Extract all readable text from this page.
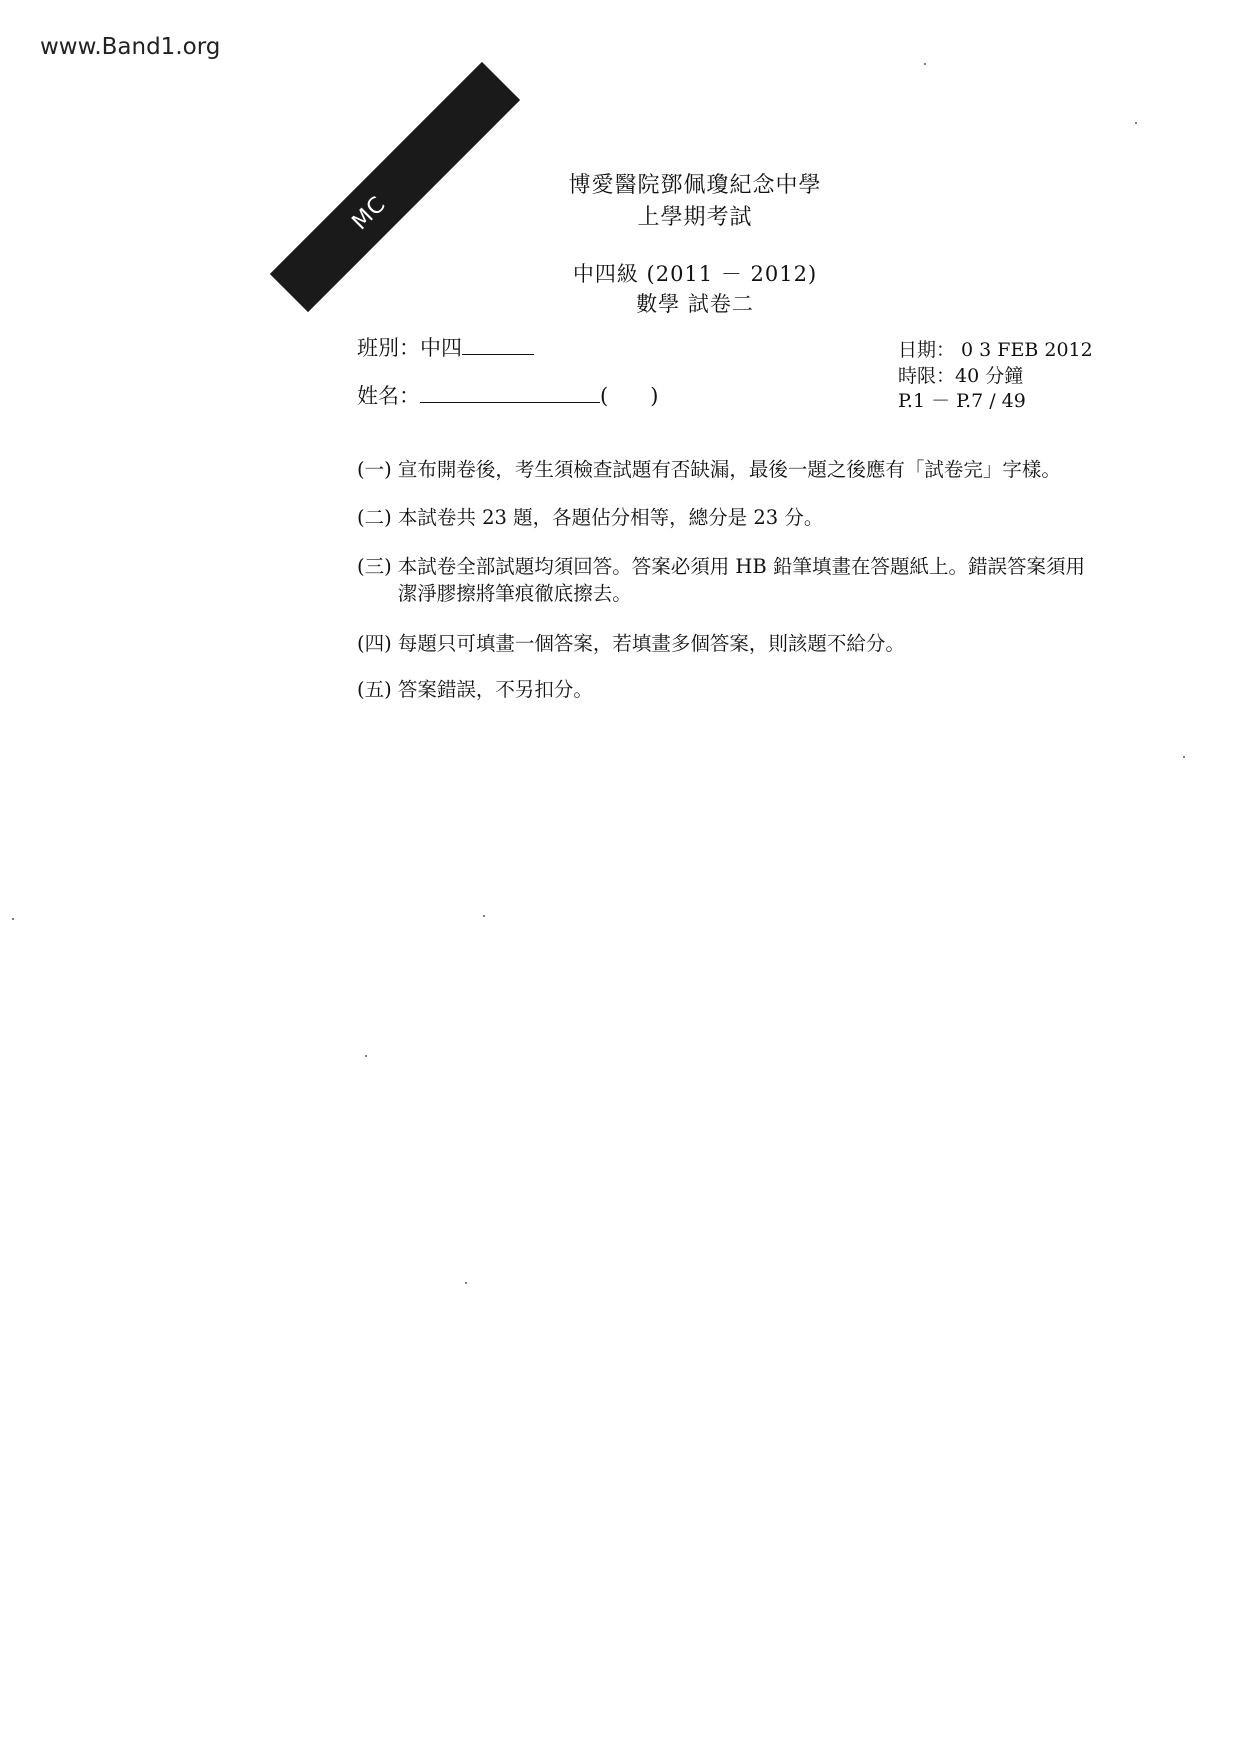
www.Band1.org
MC
博愛醫院鄧佩瓊紀念中學
上學期考試
中四級 (2011 － 2012)
數學 試卷二
班別：中四
姓名：	(　　)
日期： 0 3 FEB 2012
時限：40 分鐘
P.1 － P.7 / 49
(一) 宣布開卷後，考生須檢查試題有否缺漏，最後一題之後應有「試卷完」字樣。
(二) 本試卷共 23 題，各題佔分相等，總分是 23 分。
(三) 本試卷全部試題均須回答。答案必須用 HB 鉛筆填畫在答題紙上。錯誤答案須用潔淨膠擦將筆痕徹底擦去。
(四) 每題只可填畫一個答案，若填畫多個答案，則該題不給分。
(五) 答案錯誤，不另扣分。
